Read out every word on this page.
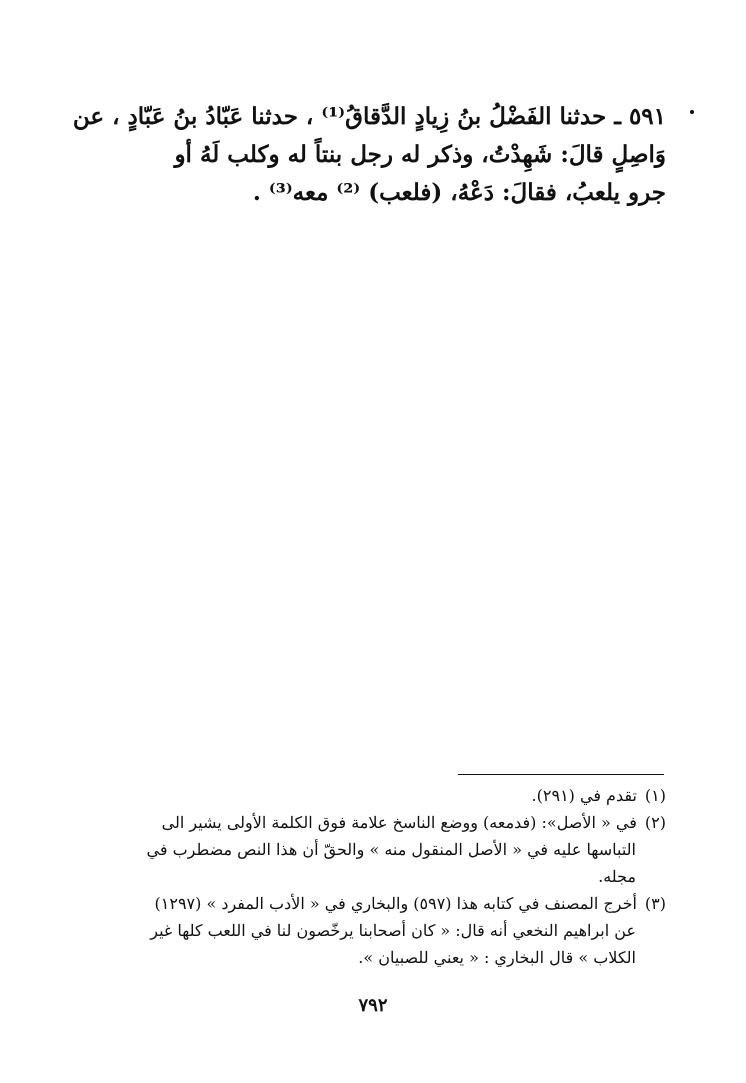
٥٩١ ـ حدثنا الفَضْلُ بنُ زِيادٍ الدَّقاقُ⁽¹⁾ ، حدثنا عَبّادُ بنُ عَبّادٍ ، عن
وَاصِلٍ قالَ: شَهِدْتُ، وذكر له رجل بنتاً له وكلب لَهُ أو
جرو يلعبُ، فقالَ: دَعْهُ، (فلعب) ⁽²⁾ معه⁽³⁾ .
(١)تقدم في (٢٩١).
(٢)في « الأصل»: (فدمعه) ووضع الناسخ علامة فوق الكلمة الأولى يشير الى
التباسها عليه في « الأصل المنقول منه » والحقّ أن هذا النص مضطرب في مجله.
(٣)أخرج المصنف في كتابه هذا (٥٩٧) والبخاري في « الأدب المفرد » (١٢٩٧)
عن ابراهيم النخعي أنه قال: « كان أصحابنا يرخّصون لنا في اللعب كلها غير
الكلاب » قال البخاري : « يعني للصبيان ».
٧٩٢
